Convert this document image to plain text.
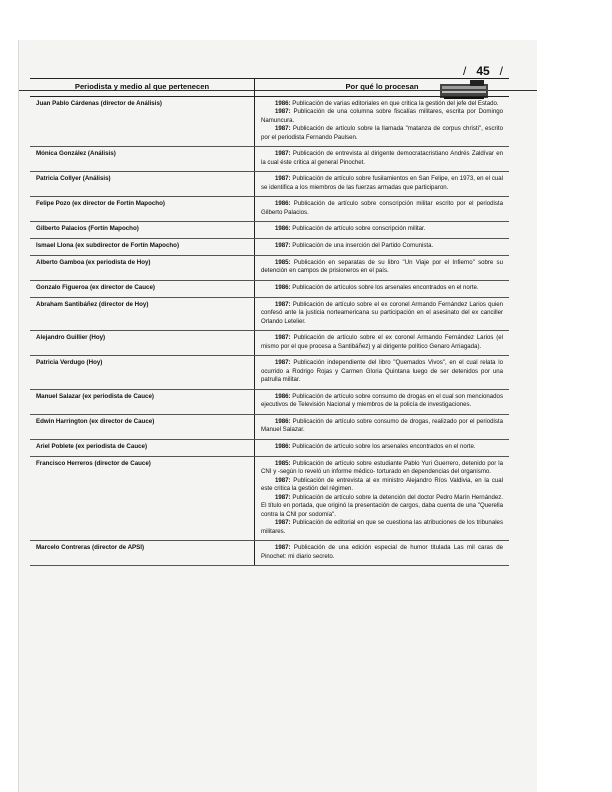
/ 45 /
Periodista y medio al que pertenecen	Por qué lo procesan
Juan Pablo Cárdenas (director de Análisis)	1986: Publicación de varias editoriales en que critica la gestión del jefe del Estado.
1987: Publicación de una columna sobre fiscalías militares, escrita por Domingo Namuncura.
1987: Publicación de artículo sobre la llamada "matanza de corpus christi", escrito por el periodista Fernando Paulsen.

Mónica González (Análisis)	1987: Publicación de entrevista al dirigente democratacristiano Andrés Zaldívar en la cual éste critica al general Pinochet.

Patricia Collyer (Análisis)	1987: Publicación de artículo sobre fusilamientos en San Felipe, en 1973, en el cual se identifica a los miembros de las fuerzas armadas que participaron.

Felipe Pozo (ex director de Fortín Mapocho)	1986: Publicación de artículo sobre conscripción militar escrito por el periodista Gilberto Palacios.

Gilberto Palacios (Fortín Mapocho)	1986: Publicación de artículo sobre conscripción militar.

Ismael Llona (ex subdirector de Fortín Mapocho)	1987: Publicación de una inserción del Partido Comunista.

Alberto Gamboa (ex periodista de Hoy)	1985: Publicación en separatas de su libro "Un Viaje por el Infierno" sobre su detención en campos de prisioneros en el país.

Gonzalo Figueroa (ex director de Cauce)	1986: Publicación de artículos sobre los arsenales encontrados en el norte.

Abraham Santibáñez (director de Hoy)	1987: Publicación de artículo sobre el ex coronel Armando Fernández Larios quien confesó ante la justicia norteamericana su participación en el asesinato del ex canciller Orlando Letelier.

Alejandro Guillier (Hoy)	1987: Publicación de artículo sobre el ex coronel Armando Fernández Larios (el mismo por el que procesa a Santibáñez) y al dirigente político Genaro Arriagada).

Patricia Verdugo (Hoy)	1987: Publicación independiente del libro "Quemados Vivos", en el cual relata lo ocurrido a Rodrigo Rojas y Carmen Gloria Quintana luego de ser detenidos por una patrulla militar.

Manuel Salazar (ex periodista de Cauce)	1986: Publicación de artículo sobre consumo de drogas en el cual son mencionados ejecutivos de Televisión Nacional y miembros de la policía de investigaciones.

Edwin Harrington (ex director de Cauce)	1986: Publicación de artículo sobre consumo de drogas, realizado por el periodista Manuel Salazar.

Ariel Poblete (ex periodista de Cauce)	1986: Publicación de artículo sobre los arsenales encontrados en el norte.

Francisco Herreros (director de Cauce)	1985: Publicación de artículo sobre estudiante Pablo Yuri Guerrero, detenido por la CNI y -según lo reveló un informe médico- torturado en dependencias del organismo.
1987: Publicación de entrevista al ex ministro Alejandro Ríos Valdivia, en la cual este critica la gestión del régimen.
1987: Publicación de artículo sobre la detención del doctor Pedro Marín Hernández. El título en portada, que originó la presentación de cargos, daba cuenta de una "Querella contra la CNI por sodomía".
1987: Publicación de editorial en que se cuestiona las atribuciones de los tribunales militares.

Marcelo Contreras (director de APSI)	1987: Publicación de una edición especial de humor titulada Las mil caras de Pinochet: mi diario secreto.
